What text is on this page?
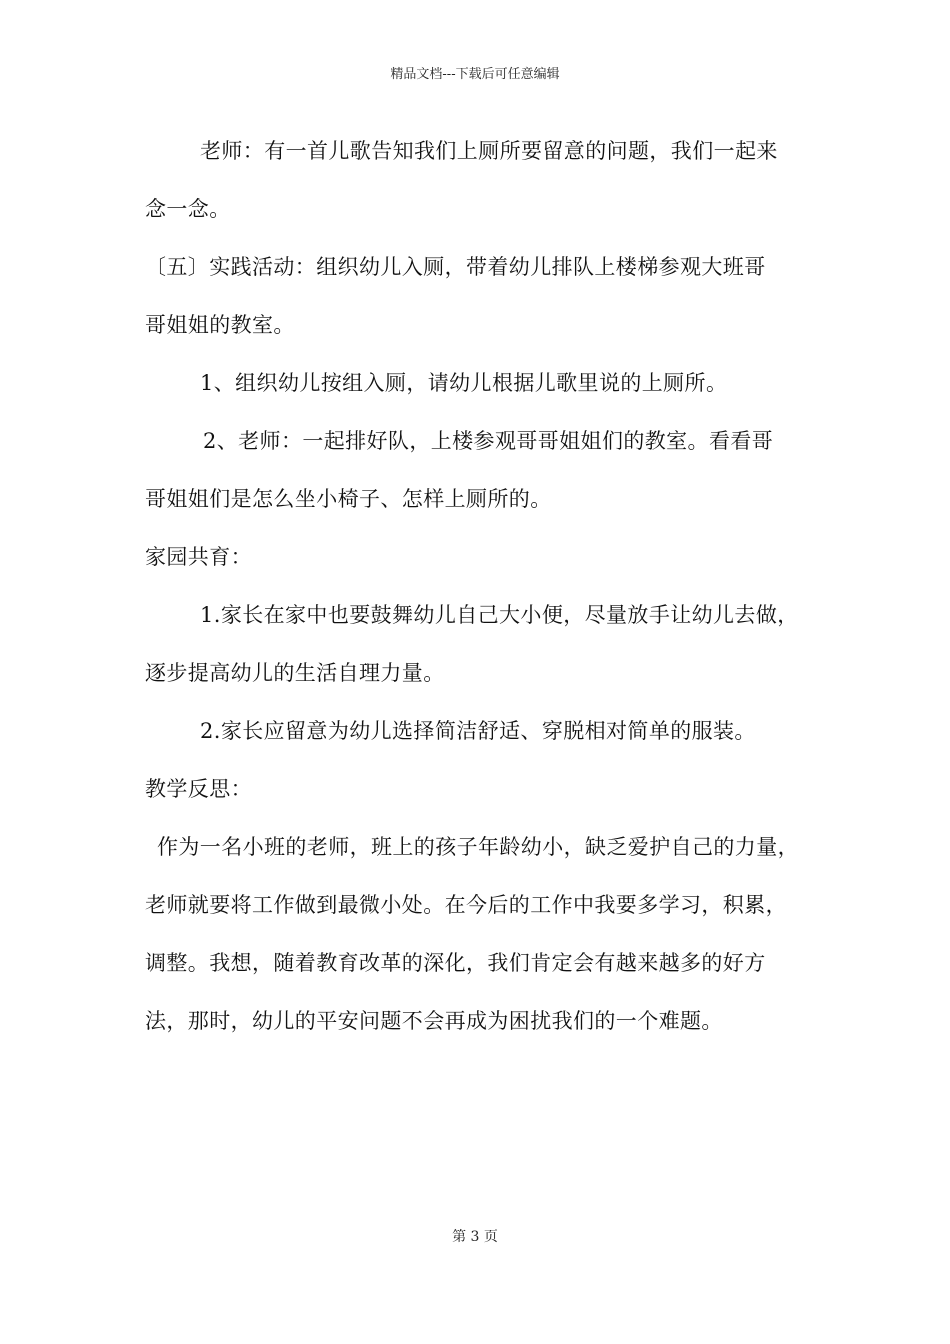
精品文档---下载后可任意编辑
老师：有一首儿歌告知我们上厕所要留意的问题，我们一起来
念一念。
〔五〕实践活动：组织幼儿入厕，带着幼儿排队上楼梯参观大班哥
哥姐姐的教室。
1、组织幼儿按组入厕，请幼儿根据儿歌里说的上厕所。
2、老师：一起排好队，上楼参观哥哥姐姐们的教室。看看哥
哥姐姐们是怎么坐小椅子、怎样上厕所的。
家园共育：
1.家长在家中也要鼓舞幼儿自己大小便，尽量放手让幼儿去做，
逐步提高幼儿的生活自理力量。
2.家长应留意为幼儿选择简洁舒适、穿脱相对简单的服装。
教学反思：
作为一名小班的老师，班上的孩子年龄幼小，缺乏爱护自己的力量，
老师就要将工作做到最微小处。在今后的工作中我要多学习，积累，
调整。我想，随着教育改革的深化，我们肯定会有越来越多的好方
法，那时，幼儿的平安问题不会再成为困扰我们的一个难题。
第 3 页
